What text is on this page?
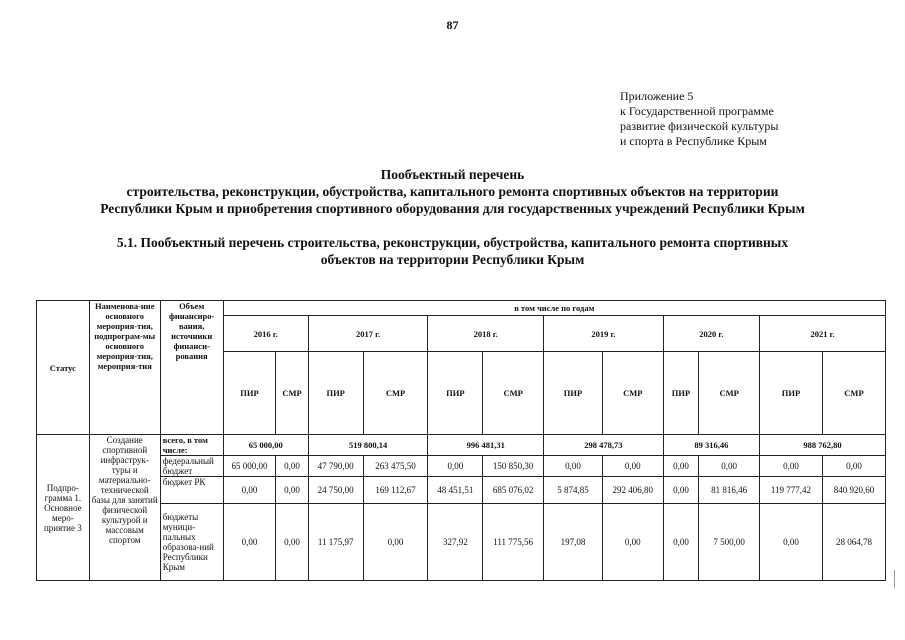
87
Приложение 5
к Государственной программе
развитие физической культуры
и спорта в Республике Крым
Пообъектный перечень
строительства, реконструкции, обустройства, капитального ремонта спортивных объектов на территории
Республики Крым и приобретения спортивного оборудования для государственных учреждений Республики Крым
5.1. Пообъектный перечень строительства, реконструкции, обустройства, капитального ремонта спортивных
объектов на территории Республики Крым
Статус	Наименова-ние основного мероприя-тия, подпрограм-мы основного мероприя-тия, мероприя-тия	Объем финансиро-вания, источники финанси-рования	в том числе по годам											
			2016 г.		2017 г.		2018 г.		2019 г.		2020 г.		2021 г.	
			ПИР	СМР	ПИР	СМР	ПИР	СМР	ПИР	СМР	ПИР	СМР	ПИР	СМР
Подпро-грамма 1. Основное меро-приятие 3	Создание спортивной инфраструк-туры и материально-технической базы для занятий физической культурой и массовым спортом	всего, в том числе:	65 000,00		519 800,14		996 481,31		298 478,73		89 316,46		988 762,80	
		федеральный бюджет	65 000,00	0,00	47 790,00	263 475,50	0,00	150 850,30	0,00	0,00	0,00	0,00	0,00	0,00
		бюджет РК	0,00	0,00	24 750,00	169 112,67	48 451,51	685 076,02	5 874,85	292 406,80	0,00	81 816,46	119 777,42	840 920,60
		бюджеты муници-пальных образова-ний Республики Крым	0,00	0,00	11 175,97	0,00	327,92	111 775,56	197,08	0,00	0,00	7 500,00	0,00	28 064,78
